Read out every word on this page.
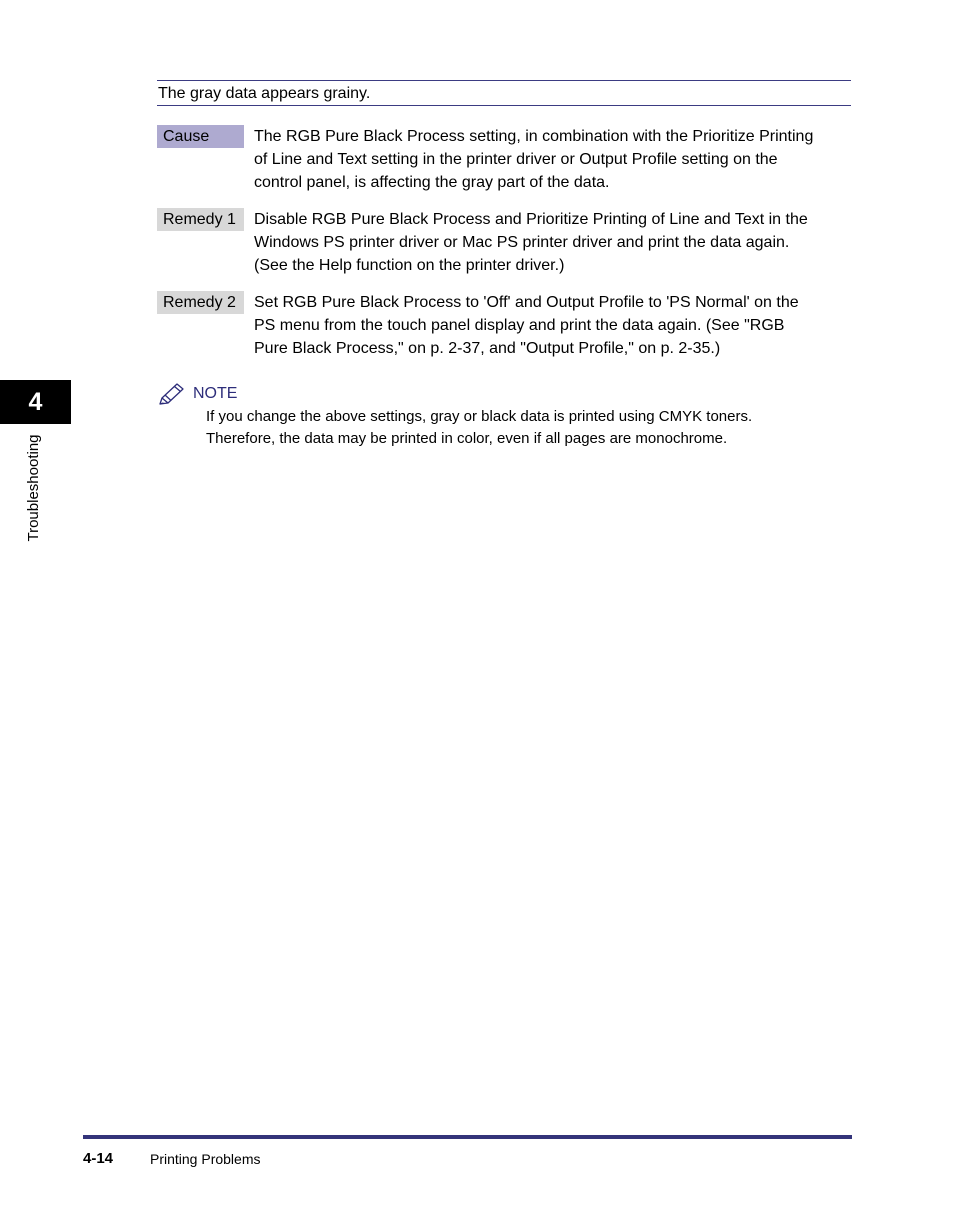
The gray data appears grainy.
Cause	The RGB Pure Black Process setting, in combination with the Prioritize Printing
of Line and Text setting in the printer driver or Output Profile setting on the
control panel, is affecting the gray part of the data.
Remedy 1	Disable RGB Pure Black Process and Prioritize Printing of Line and Text in the
Windows PS printer driver or Mac PS printer driver and print the data again.
(See the Help function on the printer driver.)
Remedy 2	Set RGB Pure Black Process to 'Off' and Output Profile to 'PS Normal' on the
PS menu from the touch panel display and print the data again. (See "RGB
Pure Black Process," on p. 2-37, and "Output Profile," on p. 2-35.)
NOTE
If you change the above settings, gray or black data is printed using CMYK toners.
Therefore, the data may be printed in color, even if all pages are monochrome.
4
Troubleshooting
4-14	Printing Problems
